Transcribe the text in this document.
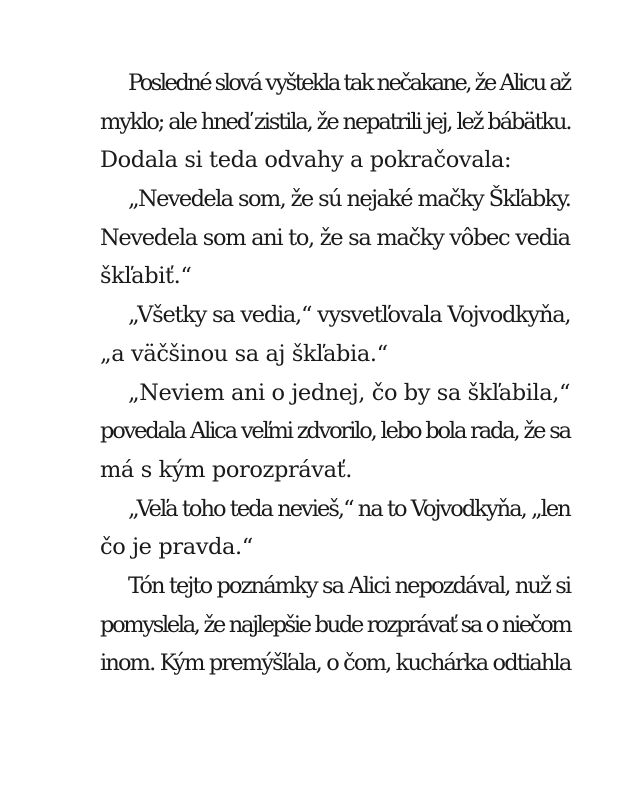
Posledné slová vyštekla tak nečakane, že Alicu až
myklo; ale hneď zistila, že nepatrili jej, lež bábätku.
Dodala si teda odvahy a pokračovala:
„Nevedela som, že sú nejaké mačky Škľabky.
Nevedela som ani to, že sa mačky vôbec vedia
škľabiť.“
„Všetky sa vedia,“ vysvetľovala Vojvodkyňa,
„a väčšinou sa aj škľabia.“
„Neviem ani o jednej, čo by sa škľabila,“
povedala Alica veľmi zdvorilo, lebo bola rada, že sa
má s kým porozprávať.
„Veľa toho teda nevieš,“ na to Vojvodkyňa, „len
čo je pravda.“
Tón tejto poznámky sa Alici nepozdával, nuž si
pomyslela, že najlepšie bude rozprávať sa o niečom
inom. Kým premýšľala, o čom, kuchárka odtiahla
